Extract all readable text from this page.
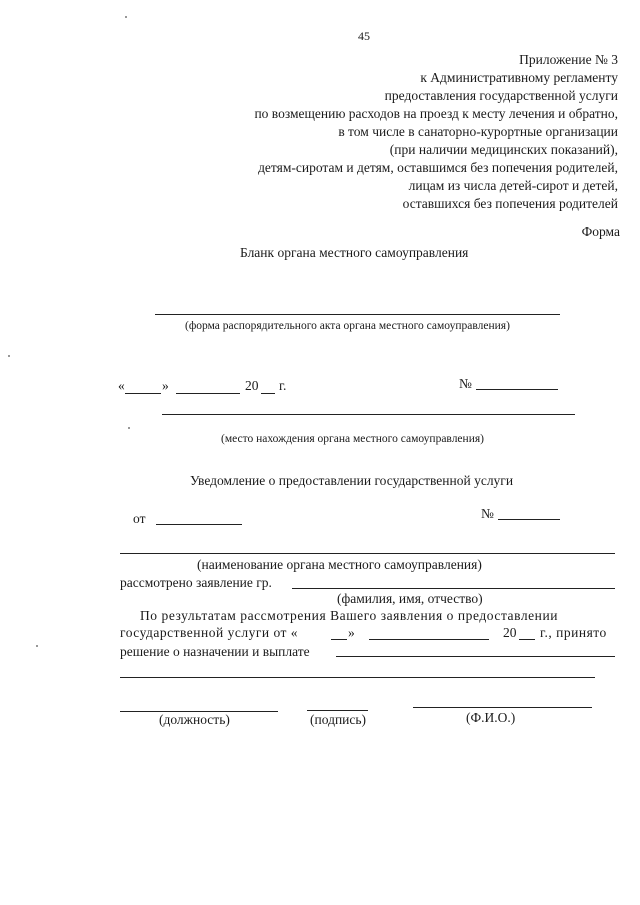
45
Приложение № 3
к Административному регламенту
предоставления государственной услуги
по возмещению расходов на проезд к месту лечения и обратно,
в том числе в санаторно-курортные организации
(при наличии медицинских показаний),
детям-сиротам и детям, оставшимся без попечения родителей,
лицам из числа детей-сирот и детей,
оставшихся без попечения родителей
Форма
Бланк органа местного самоуправления
(форма распорядительного акта органа местного самоуправления)
«	»	20 г.	№
(место нахождения органа местного самоуправления)
Уведомление о предоставлении государственной услуги
от	№
(наименование органа местного самоуправления)
рассмотрено заявление гр.
(фамилия, имя, отчество)
По результатам рассмотрения Вашего заявления о предоставлении
государственной услуги от «	»	20 г., принято
решение о назначении и выплате
(должность)	(подпись)	(Ф.И.О.)
